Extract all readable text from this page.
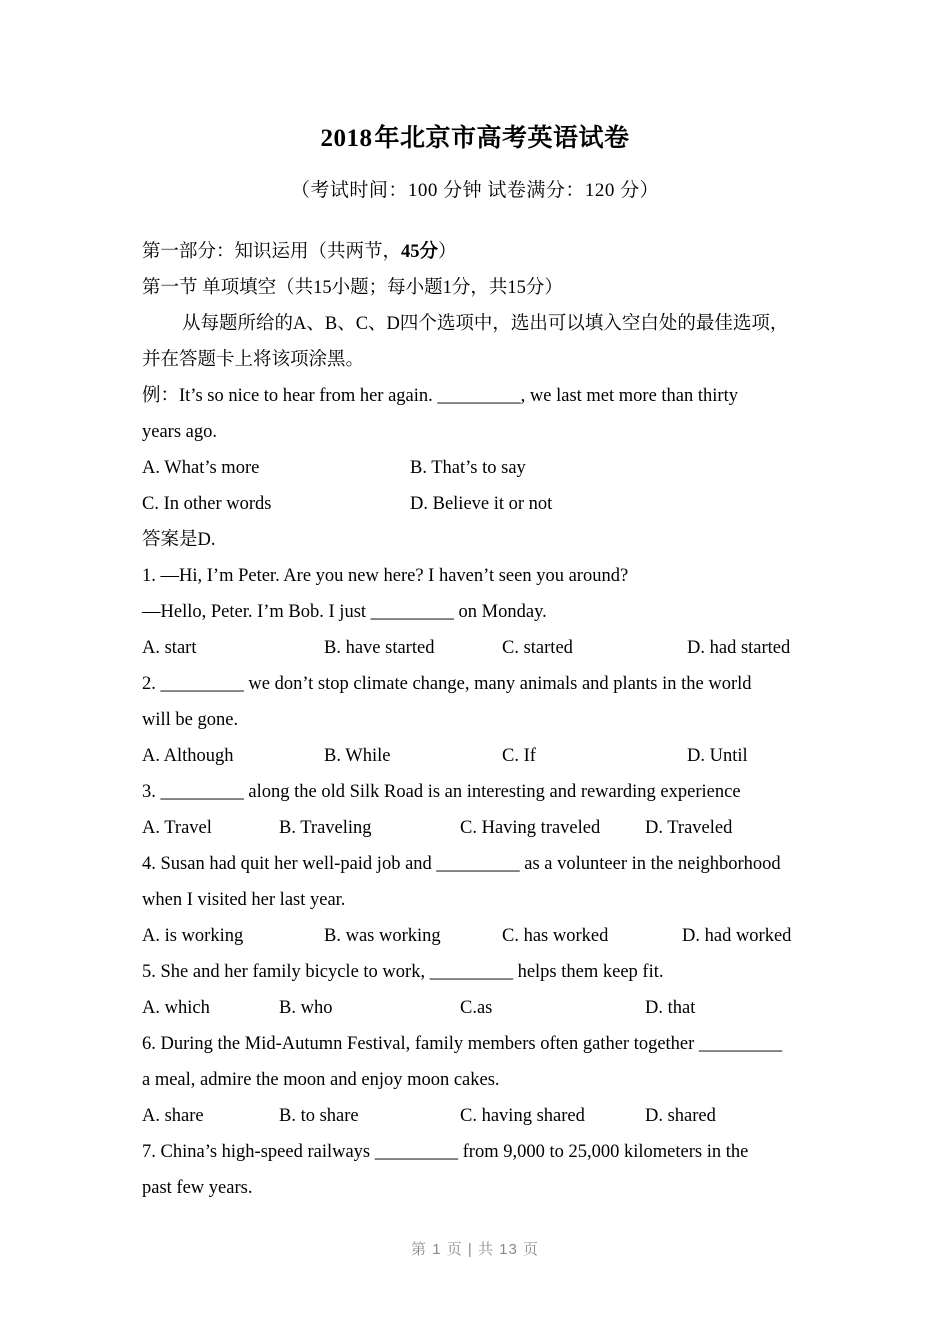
2018年北京市高考英语试卷

（考试时间：100 分钟 试卷满分：120 分）

第一部分：知识运用（共两节，45分）

第一节 单项填空（共15小题；每小题1分，共15分）

从每题所给的A、B、C、D四个选项中，选出可以填入空白处的最佳选项，

并在答题卡上将该项涂黑。

例：It’s so nice to hear from her again. _________, we last met more than thirty

years ago.

A. What’s more	B. That’s to say
C. In other words	D. Believe it or not

答案是D.

1. —Hi, I’m Peter. Are you new here? I haven’t seen you around?

—Hello, Peter. I’m Bob. I just _________ on Monday.

A. start	B. have started	C. started	D. had started

2. _________ we don’t stop climate change, many animals and plants in the world

will be gone.

A. Although	B. While	C. If	D. Until

3. _________ along the old Silk Road is an interesting and rewarding experience

A. Travel	B. Traveling	C. Having traveled D. Traveled

4. Susan had quit her well-paid job and _________ as a volunteer in the neighborhood

when I visited her last year.

A. is working	B. was working	C. has worked	D. had worked

5. She and her family bicycle to work, _________ helps them keep fit.

A. which	B. who	C.as	D. that

6. During the Mid-Autumn Festival, family members often gather together _________

a meal, admire the moon and enjoy moon cakes.

A. share	B. to share	C. having shared	D. shared

7. China’s high-speed railways _________ from 9,000 to 25,000 kilometers in the

past few years.

第 1 页 | 共 13 页
